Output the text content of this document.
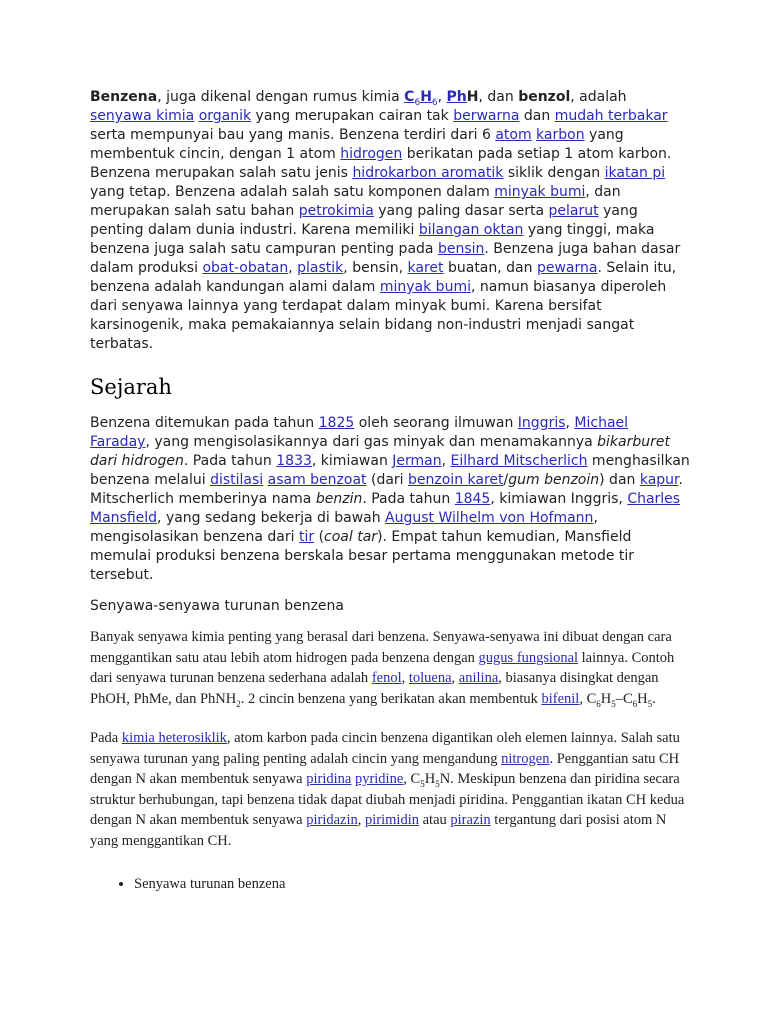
Benzena, juga dikenal dengan rumus kimia $C_6H_6$, PhH, dan benzol, adalah senyawa kimia organik yang merupakan cairan tak berwarna dan mudah terbakar serta mempunyai bau yang manis. Benzena terdiri dari 6 atom karbon yang membentuk cincin, dengan 1 atom hidrogen berikatan pada setiap 1 atom karbon. Benzena merupakan salah satu jenis hidrokarbon aromatik siklik dengan ikatan pi yang tetap. Benzena adalah salah satu komponen dalam minyak bumi, dan merupakan salah satu bahan petrokimia yang paling dasar serta pelarut yang penting dalam dunia industri. Karena memiliki bilangan oktan yang tinggi, maka benzena juga salah satu campuran penting pada bensin. Benzena juga bahan dasar dalam produksi obat-obatan, plastik, bensin, karet buatan, dan pewarna. Selain itu, benzena adalah kandungan alami dalam minyak bumi, namun biasanya diperoleh dari senyawa lainnya yang terdapat dalam minyak bumi. Karena bersifat karsinogenik, maka pemakaiannya selain bidang non-industri menjadi sangat terbatas.

Sejarah

Benzena ditemukan pada tahun 1825 oleh seorang ilmuwan Inggris, Michael Faraday, yang mengisolasikannya dari gas minyak dan menamakannya bikarburet dari hidrogen. Pada tahun 1833, kimiawan Jerman, Eilhard Mitscherlich menghasilkan benzena melalui distilasi asam benzoat (dari benzoin karet/gum benzoin) dan kapur. Mitscherlich memberinya nama benzin. Pada tahun 1845, kimiawan Inggris, Charles Mansfield, yang sedang bekerja di bawah August Wilhelm von Hofmann, mengisolasikan benzena dari tir (coal tar). Empat tahun kemudian, Mansfield memulai produksi benzena berskala besar pertama menggunakan metode tir tersebut.

Senyawa-senyawa turunan benzena

Banyak senyawa kimia penting yang berasal dari benzena. Senyawa-senyawa ini dibuat dengan cara menggantikan satu atau lebih atom hidrogen pada benzena dengan gugus fungsional lainnya. Contoh dari senyawa turunan benzena sederhana adalah fenol, toluena, anilina, biasanya disingkat dengan PhOH, PhMe, dan PhNH$_2$. 2 cincin benzena yang berikatan akan membentuk bifenil, $C_6H_5-C_6H_5$.

Pada kimia heterosiklik, atom karbon pada cincin benzena digantikan oleh elemen lainnya. Salah satu senyawa turunan yang paling penting adalah cincin yang mengandung nitrogen. Penggantian satu CH dengan N akan membentuk senyawa piridina pyridine, $C_5H_5N$. Meskipun benzena dan piridina secara struktur berhubungan, tapi benzena tidak dapat diubah menjadi piridina. Penggantian ikatan CH kedua dengan N akan membentuk senyawa piridazin, pirimidin atau pirazin tergantung dari posisi atom N yang menggantikan CH.

• Senyawa turunan benzena
